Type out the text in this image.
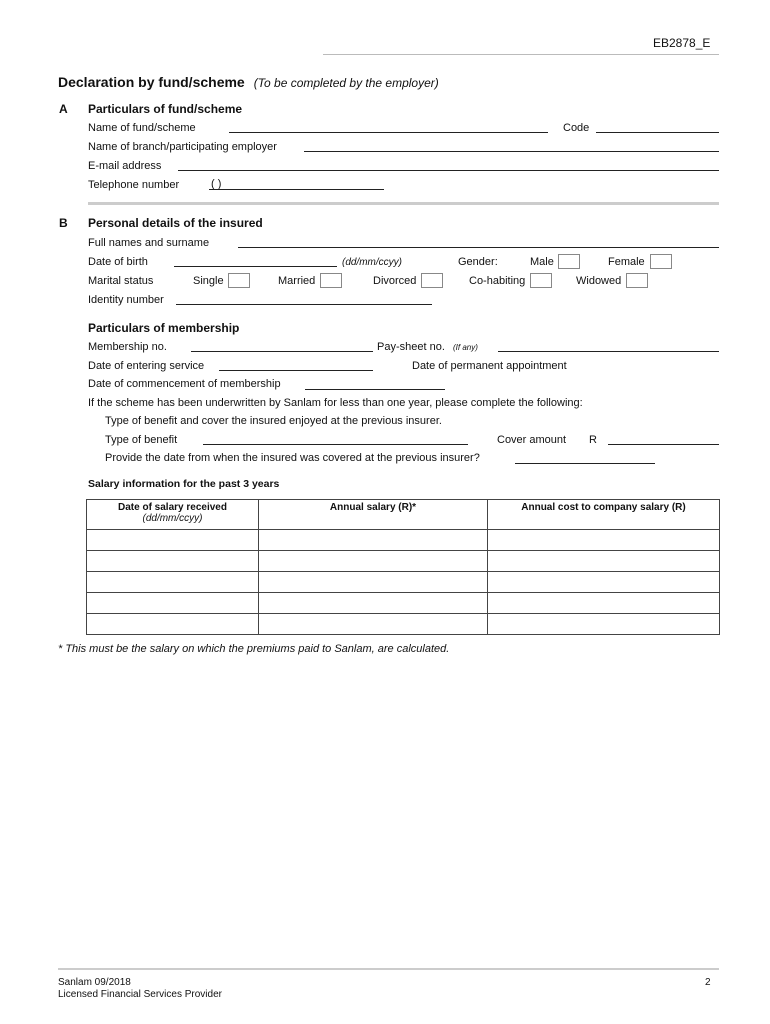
EB2878_E
Declaration by fund/scheme (To be completed by the employer)
A Particulars of fund/scheme
Name of fund/scheme	Code
Name of branch/participating employer
E-mail address
Telephone number	( )
B Personal details of the insured
Full names and surname
Date of birth	(dd/mm/ccyy)	Gender:	Male	Female
Marital status	Single	Married	Divorced	Co-habiting	Widowed
Identity number
Particulars of membership
Membership no.	Pay-sheet no. (If any)
Date of entering service	Date of permanent appointment
Date of commencement of membership
If the scheme has been underwritten by Sanlam for less than one year, please complete the following:
Type of benefit and cover the insured enjoyed at the previous insurer.
Type of benefit	Cover amount R
Provide the date from when the insured was covered at the previous insurer?
Salary information for the past 3 years
Date of salary received
(dd/mm/ccyy)	Annual salary (R)*	Annual cost to company salary (R)

* This must be the salary on which the premiums paid to Sanlam, are calculated.
Sanlam 09/2018
Licensed Financial Services Provider
2
